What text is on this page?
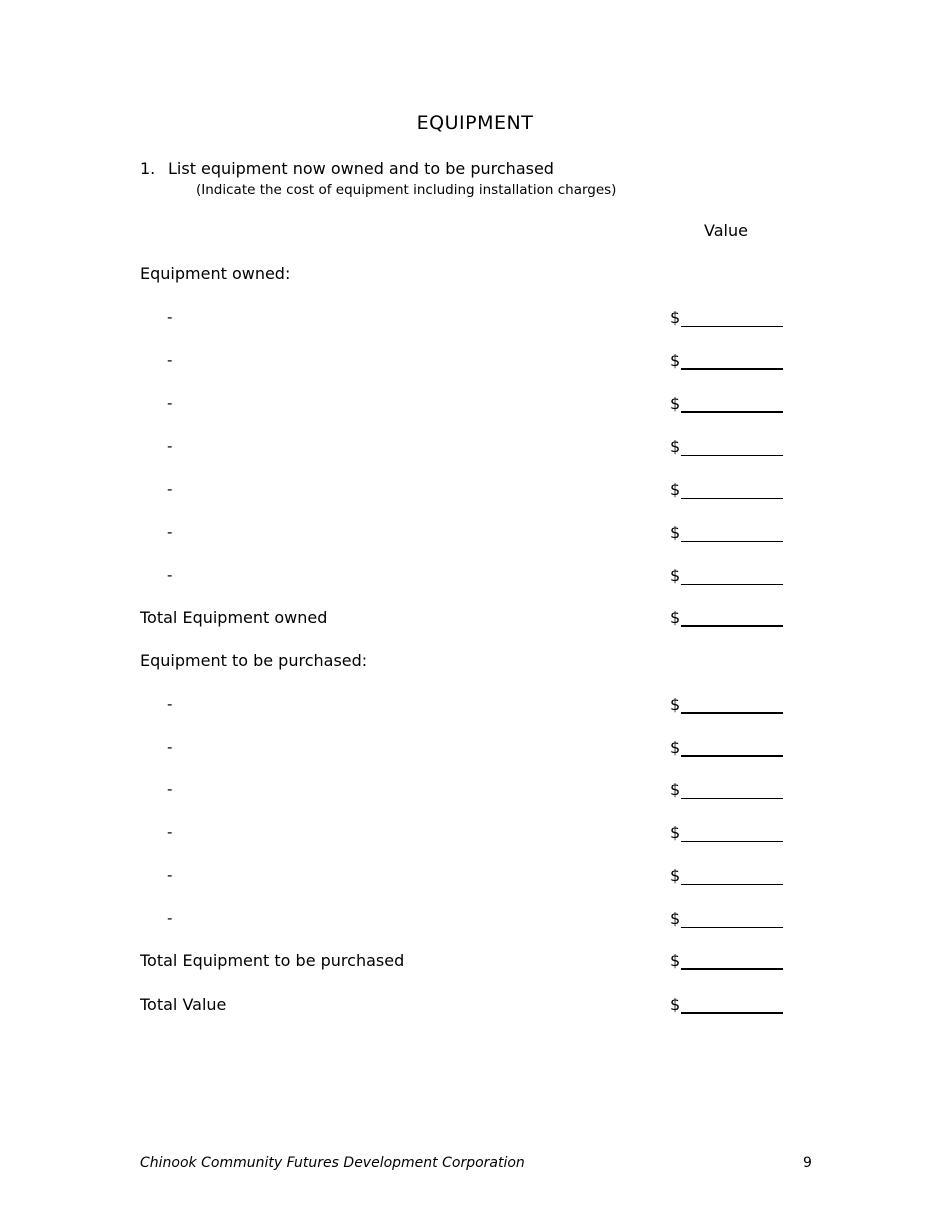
EQUIPMENT
1. List equipment now owned and to be purchased
(Indicate the cost of equipment including installation charges)
Value
Equipment owned:
-	$
-	$
-	$
-	$
-	$
-	$
-	$
Total Equipment owned	$
Equipment to be purchased:
-	$
-	$
-	$
-	$
-	$
-	$
Total Equipment to be purchased	$
Total Value	$
Chinook Community Futures Development Corporation	9
